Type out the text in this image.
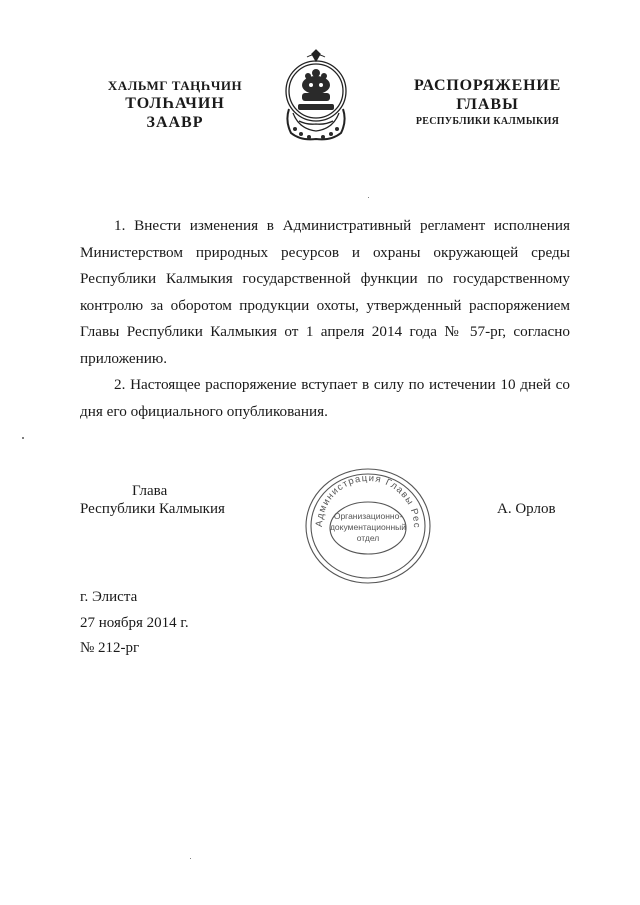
ХАЛЬМГ ТАҢҺЧИН
ТОЛҺАЧИН
ЗААВР
РАСПОРЯЖЕНИЕ
ГЛАВЫ
РЕСПУБЛИКИ КАЛМЫКИЯ

1. Внести изменения в Административный регламент исполнения Министерством природных ресурсов и охраны окружающей среды Республики Калмыкия государственной функции по государственному контролю за оборотом продукции охоты, утвержденный распоряжением Главы Республики Калмыкия от 1 апреля 2014 года № 57-рг, согласно приложению.

2. Настоящее распоряжение вступает в силу по истечении 10 дней со дня его официального опубликования.

Глава
Республики Калмыкия
Администрация Главы Рес
Организационно-
документационный
отдел
А. Орлов
г. Элиста
27 ноября 2014 г.
№ 212-рг
